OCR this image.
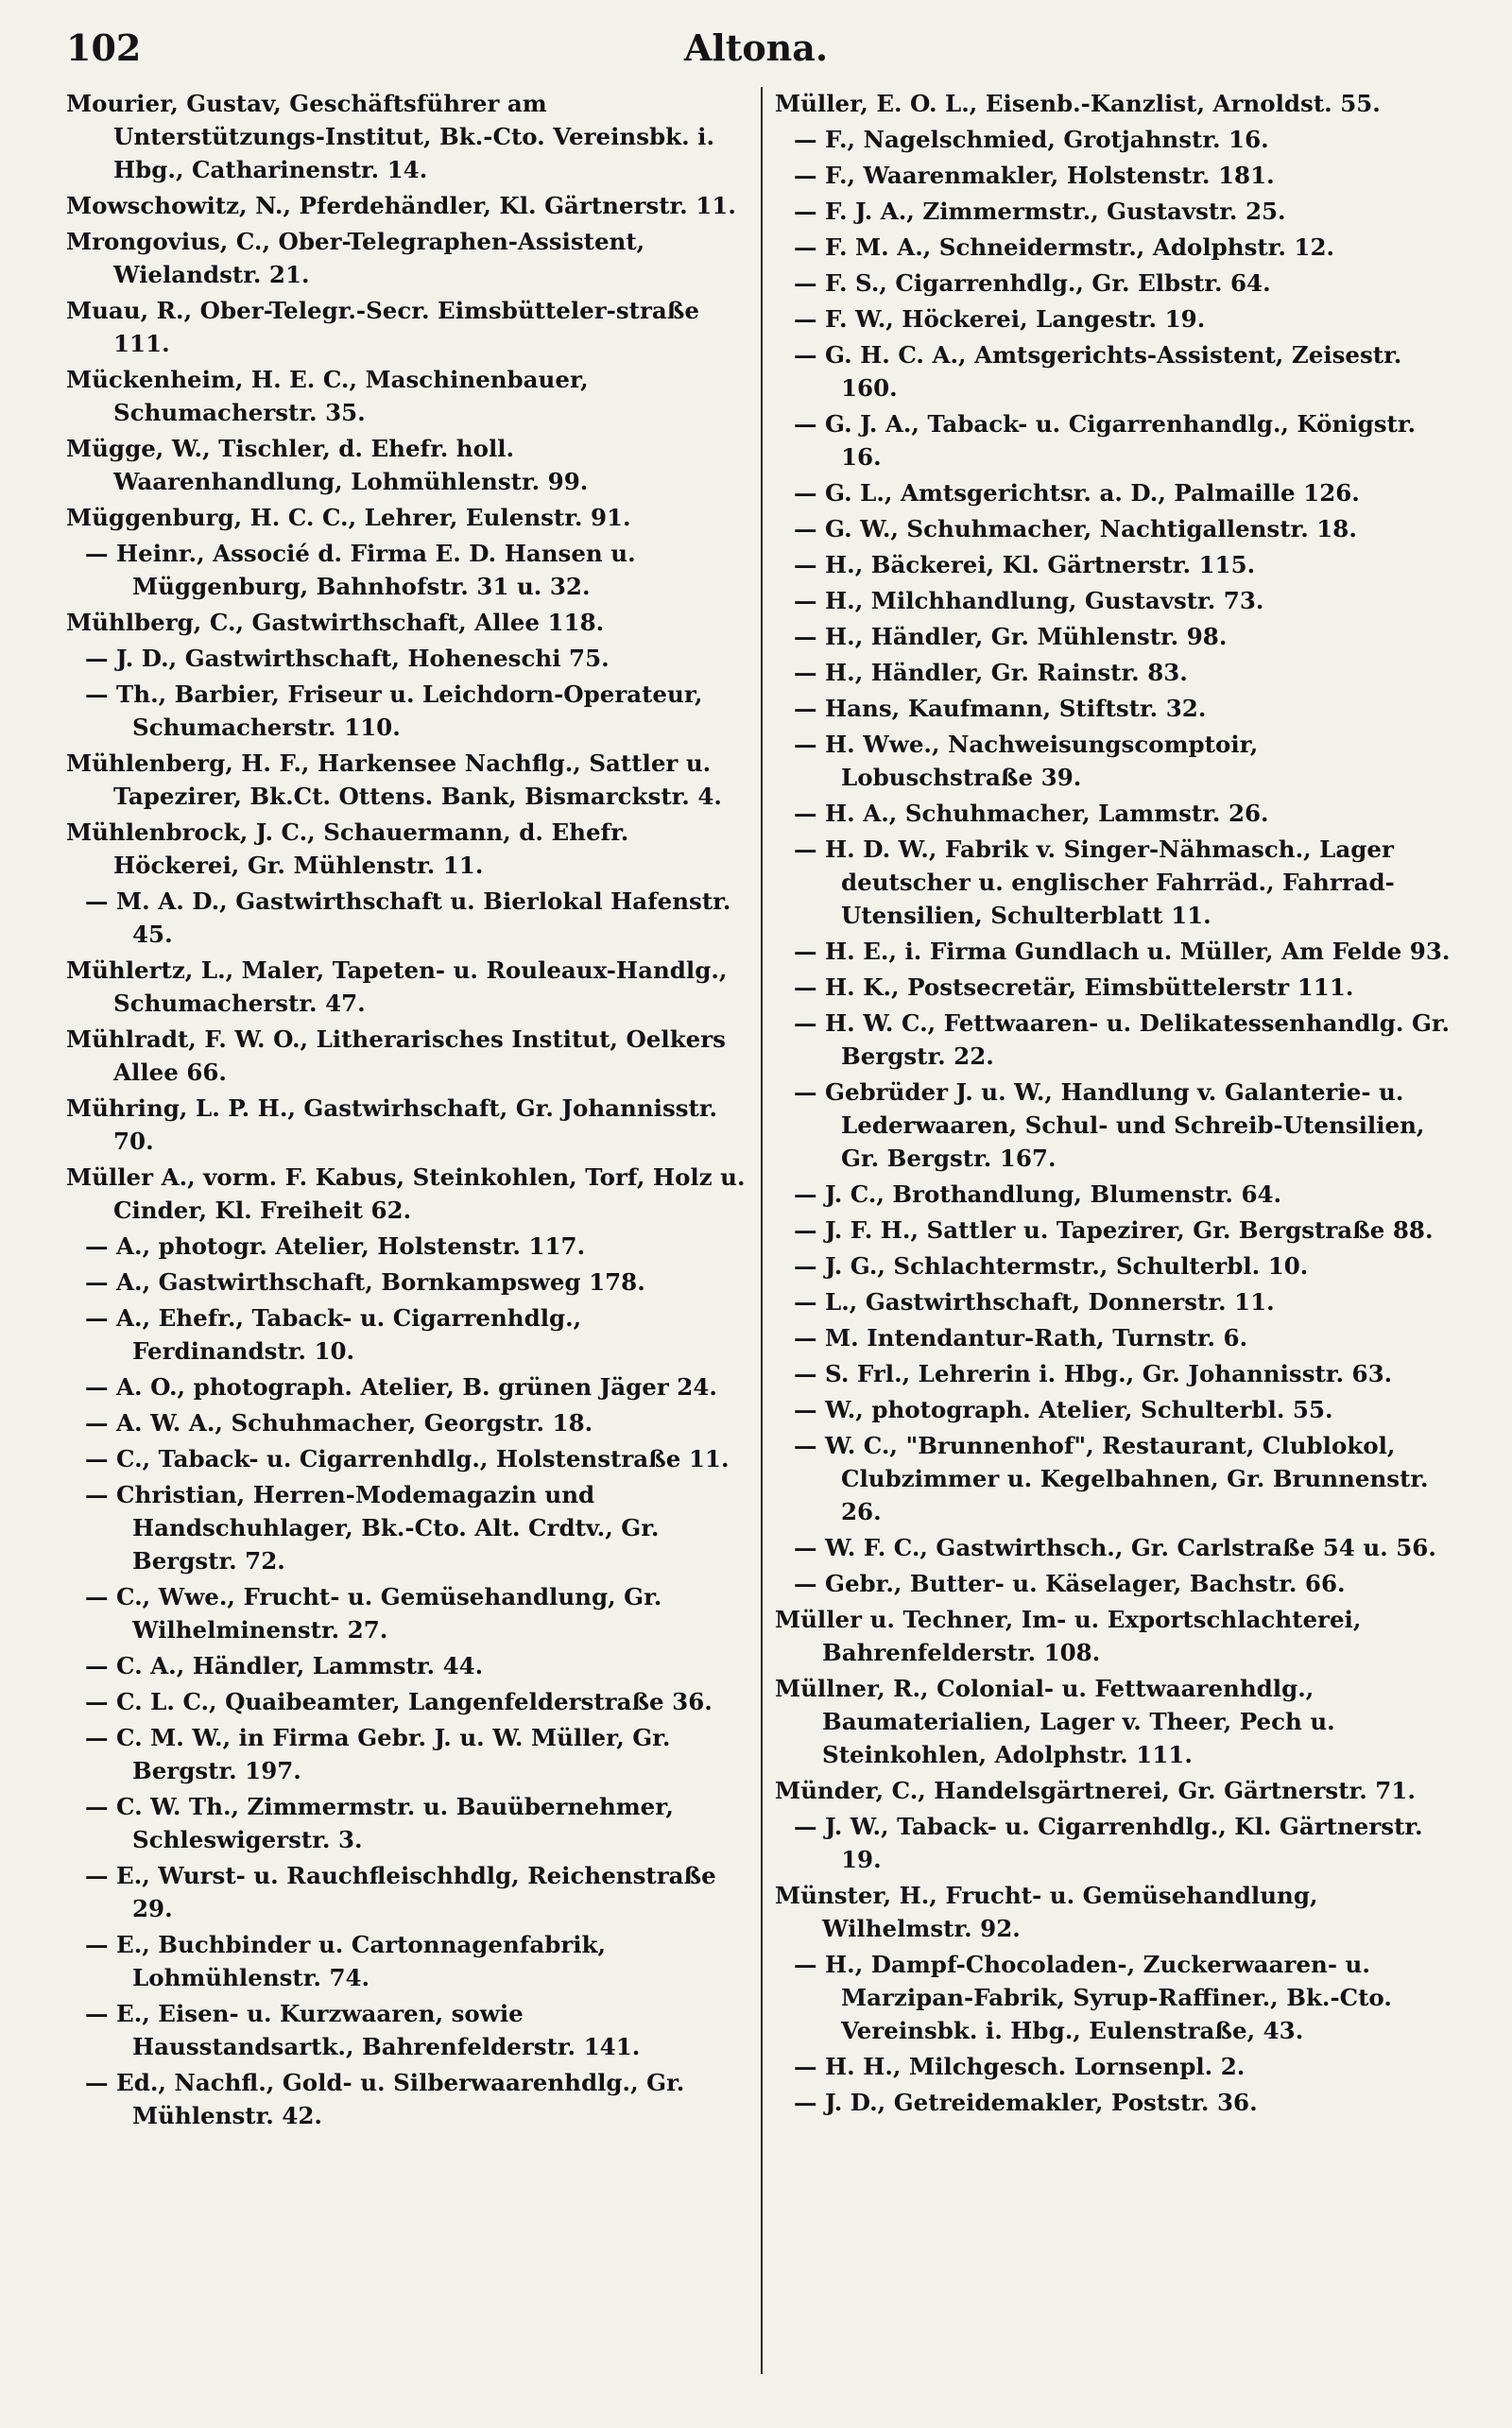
102	Altona.

Mourier, Gustav, Geschäftsführer am Unterstützungs-Institut, Bk.-Cto. Vereinsbk. i. Hbg., Catharinenstr. 14.

Mowschowitz, N., Pferdehändler, Kl. Gärtnerstr. 11.

Mrongovius, C., Ober-Telegraphen-Assistent, Wielandstr. 21.

Muau, R., Ober-Telegr.-Secr. Eimsbütteler-straße 111.

Mückenheim, H. E. C., Maschinenbauer, Schumacherstr. 35.

Mügge, W., Tischler, d. Ehefr. holl. Waarenhandlung, Lohmühlenstr. 99.

Müggenburg, H. C. C., Lehrer, Eulenstr. 91.

— Heinr., Associé d. Firma E. D. Hansen u. Müggenburg, Bahnhofstr. 31 u. 32.

Mühlberg, C., Gastwirthschaft, Allee 118.

— J. D., Gastwirthschaft, Hoheneschi 75.

— Th., Barbier, Friseur u. Leichdorn-Operateur, Schumacherstr. 110.

Mühlenberg, H. F., Harkensee Nachflg., Sattler u. Tapezirer, Bk.Ct. Ottens. Bank, Bismarckstr. 4.

Mühlenbrock, J. C., Schauermann, d. Ehefr. Höckerei, Gr. Mühlenstr. 11.

— M. A. D., Gastwirthschaft u. Bierlokal Hafenstr. 45.

Mühlertz, L., Maler, Tapeten- u. Rouleaux-Handlg., Schumacherstr. 47.

Mühlradt, F. W. O., Litherarisches Institut, Oelkers Allee 66.

Mühring, L. P. H., Gastwirhschaft, Gr. Johannisstr. 70.

Müller A., vorm. F. Kabus, Steinkohlen, Torf, Holz u. Cinder, Kl. Freiheit 62.

— A., photogr. Atelier, Holstenstr. 117.

— A., Gastwirthschaft, Bornkampsweg 178.

— A., Ehefr., Taback- u. Cigarrenhdlg., Ferdinandstr. 10.

— A. O., photograph. Atelier, B. grünen Jäger 24.

— A. W. A., Schuhmacher, Georgstr. 18.

— C., Taback- u. Cigarrenhdlg., Holstenstraße 11.

— Christian, Herren-Modemagazin und Handschuhlager, Bk.-Cto. Alt. Crdtv., Gr. Bergstr. 72.

— C., Wwe., Frucht- u. Gemüsehandlung, Gr. Wilhelminenstr. 27.

— C. A., Händler, Lammstr. 44.

— C. L. C., Quaibeamter, Langenfelderstraße 36.

— C. M. W., in Firma Gebr. J. u. W. Müller, Gr. Bergstr. 197.

— C. W. Th., Zimmermstr. u. Bauübernehmer, Schleswigerstr. 3.

— E., Wurst- u. Rauchfleischhdlg, Reichenstraße 29.

— E., Buchbinder u. Cartonnagenfabrik, Lohmühlenstr. 74.

— E., Eisen- u. Kurzwaaren, sowie Hausstandsartk., Bahrenfelderstr. 141.

— Ed., Nachfl., Gold- u. Silberwaarenhdlg., Gr. Mühlenstr. 42.

Müller, E. O. L., Eisenb.-Kanzlist, Arnoldst. 55.

— F., Nagelschmied, Grotjahnstr. 16.

— F., Waarenmakler, Holstenstr. 181.

— F. J. A., Zimmermstr., Gustavstr. 25.

— F. M. A., Schneidermstr., Adolphstr. 12.

— F. S., Cigarrenhdlg., Gr. Elbstr. 64.

— F. W., Höckerei, Langestr. 19.

— G. H. C. A., Amtsgerichts-Assistent, Zeisestr. 160.

— G. J. A., Taback- u. Cigarrenhandlg., Königstr. 16.

— G. L., Amtsgerichtsr. a. D., Palmaille 126.

— G. W., Schuhmacher, Nachtigallenstr. 18.

— H., Bäckerei, Kl. Gärtnerstr. 115.

— H., Milchhandlung, Gustavstr. 73.

— H., Händler, Gr. Mühlenstr. 98.

— H., Händler, Gr. Rainstr. 83.

— Hans, Kaufmann, Stiftstr. 32.

— H. Wwe., Nachweisungscomptoir, Lobuschstraße 39.

— H. A., Schuhmacher, Lammstr. 26.

— H. D. W., Fabrik v. Singer-Nähmasch., Lager deutscher u. englischer Fahrräd., Fahrrad-Utensilien, Schulterblatt 11.

— H. E., i. Firma Gundlach u. Müller, Am Felde 93.

— H. K., Postsecretär, Eimsbüttelerstr 111.

— H. W. C., Fettwaaren- u. Delikatessenhandlg. Gr. Bergstr. 22.

— Gebrüder J. u. W., Handlung v. Galanterie- u. Lederwaaren, Schul- und Schreib-Utensilien, Gr. Bergstr. 167.

— J. C., Brothandlung, Blumenstr. 64.

— J. F. H., Sattler u. Tapezirer, Gr. Bergstraße 88.

— J. G., Schlachtermstr., Schulterbl. 10.

— L., Gastwirthschaft, Donnerstr. 11.

— M. Intendantur-Rath, Turnstr. 6.

— S. Frl., Lehrerin i. Hbg., Gr. Johannisstr. 63.

— W., photograph. Atelier, Schulterbl. 55.

— W. C., "Brunnenhof", Restaurant, Clublokol, Clubzimmer u. Kegelbahnen, Gr. Brunnenstr. 26.

— W. F. C., Gastwirthsch., Gr. Carlstraße 54 u. 56.

— Gebr., Butter- u. Käselager, Bachstr. 66.

Müller u. Techner, Im- u. Exportschlachterei, Bahrenfelderstr. 108.

Müllner, R., Colonial- u. Fettwaarenhdlg., Baumaterialien, Lager v. Theer, Pech u. Steinkohlen, Adolphstr. 111.

Münder, C., Handelsgärtnerei, Gr. Gärtnerstr. 71.

— J. W., Taback- u. Cigarrenhdlg., Kl. Gärtnerstr. 19.

Münster, H., Frucht- u. Gemüsehandlung, Wilhelmstr. 92.

— H., Dampf-Chocoladen-, Zuckerwaaren- u. Marzipan-Fabrik, Syrup-Raffiner., Bk.-Cto. Vereinsbk. i. Hbg., Eulenstraße, 43.

— H. H., Milchgesch. Lornsenpl. 2.

— J. D., Getreidemakler, Poststr. 36.
